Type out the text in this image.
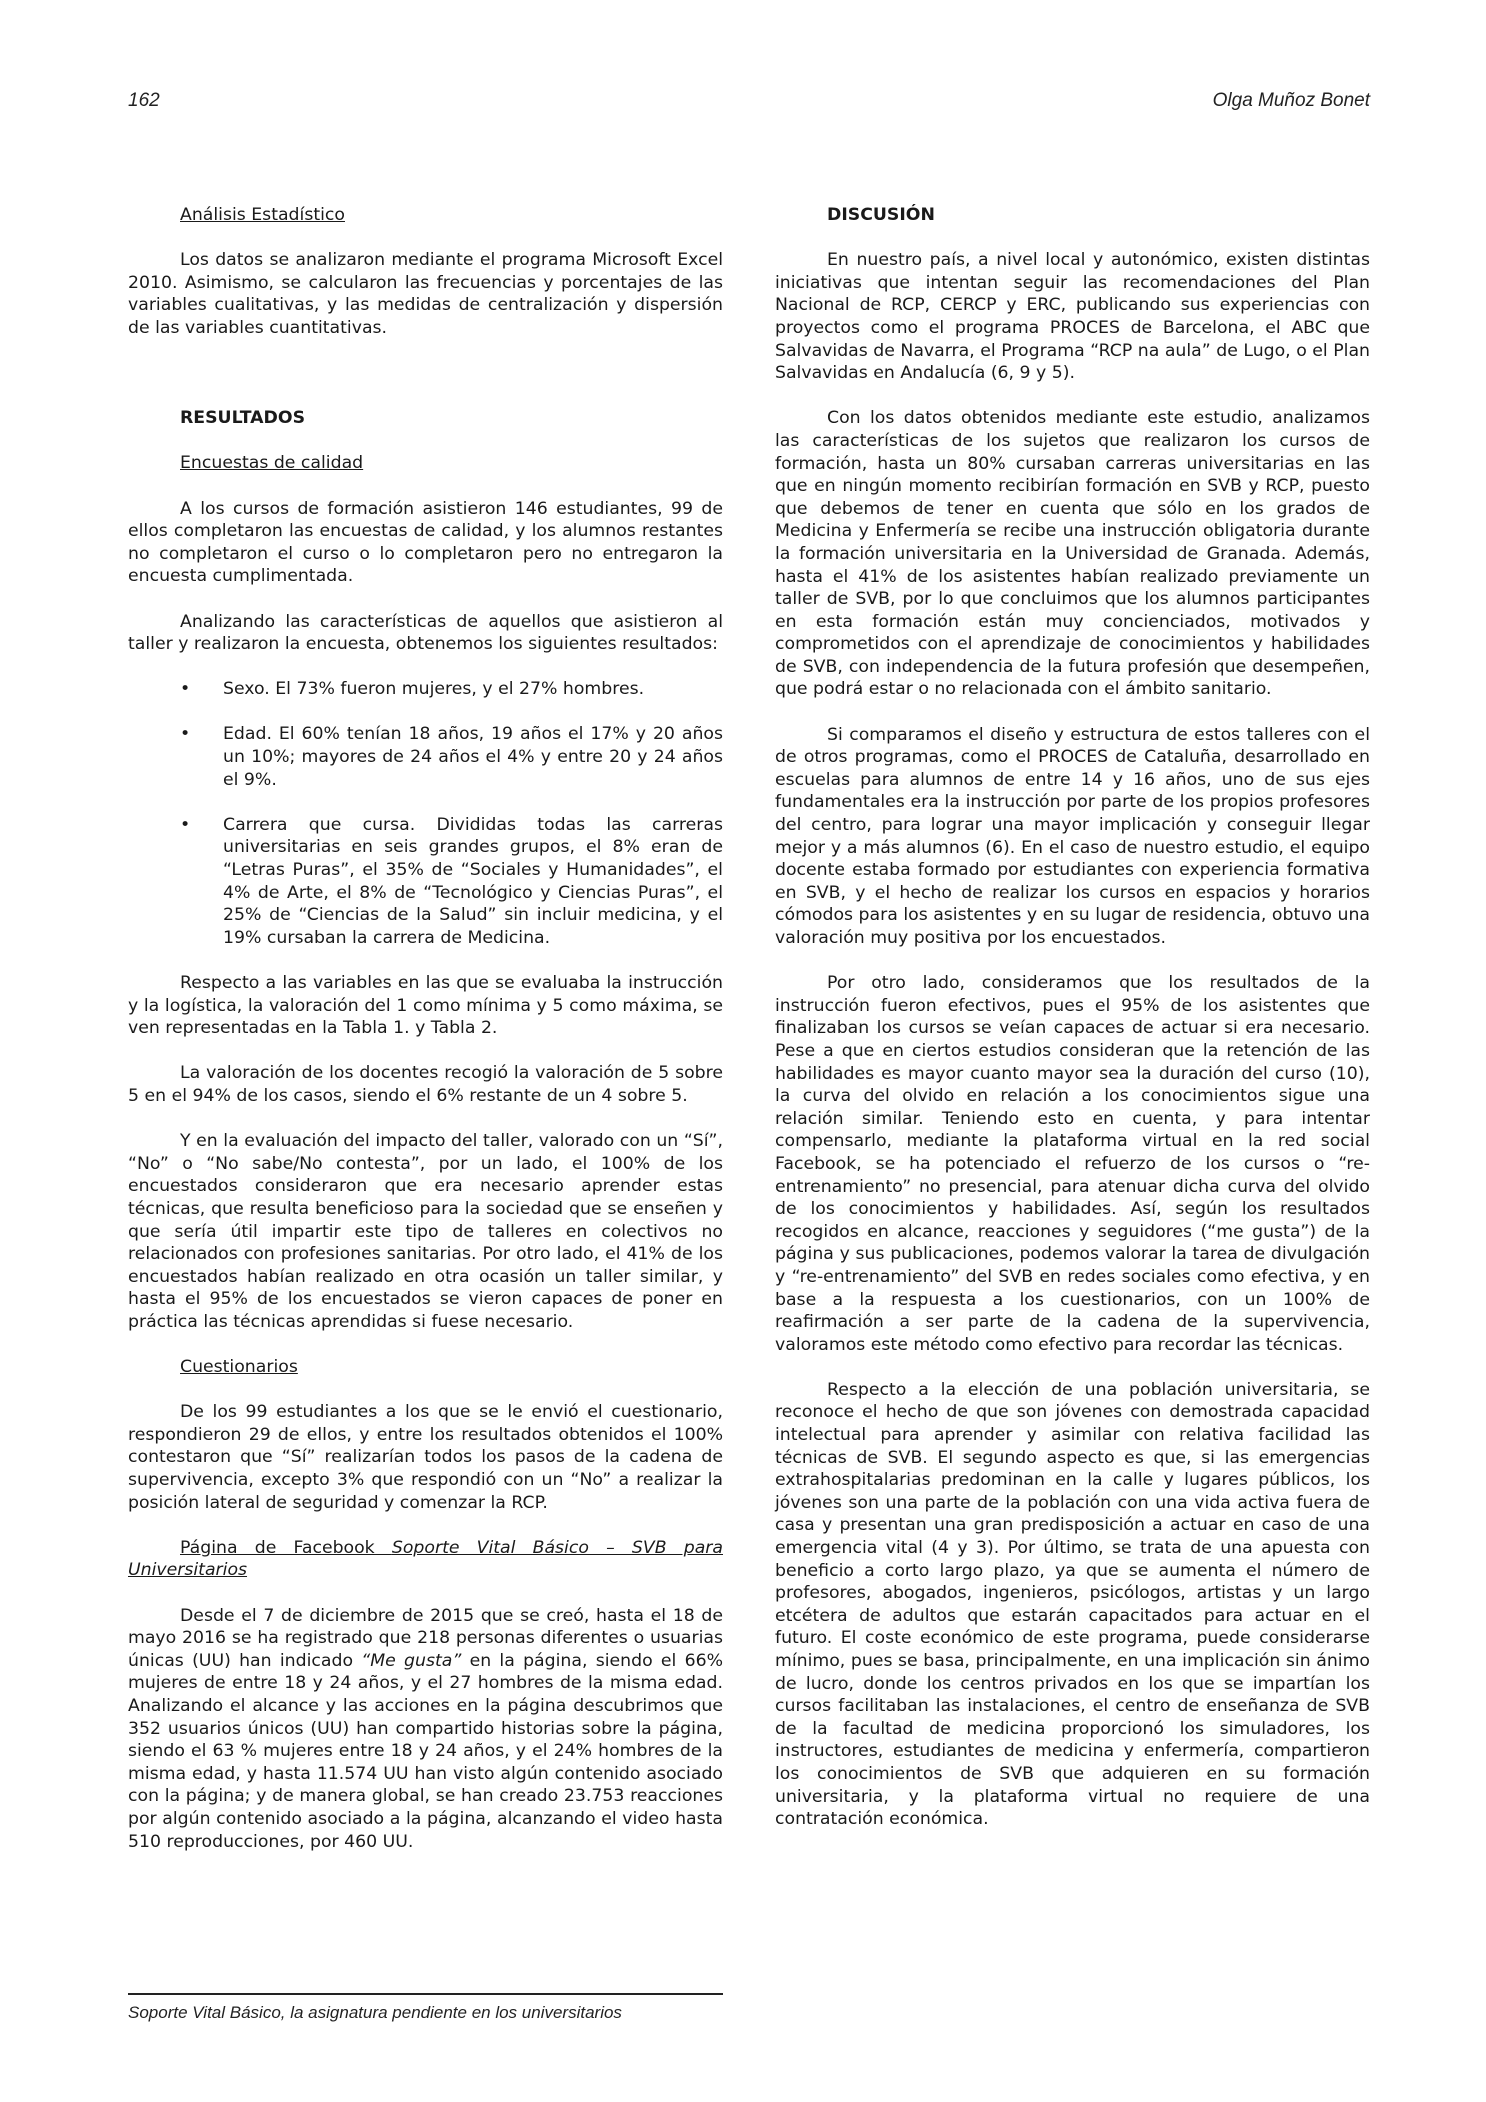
162	Olga Muñoz Bonet

Análisis Estadístico

Los datos se analizaron mediante el programa Microsoft Excel 2010. Asimismo, se calcularon las frecuencias y porcentajes de las variables cualitativas, y las medidas de centralización y dispersión de las variables cuantitativas.

RESULTADOS

Encuestas de calidad

A los cursos de formación asistieron 146 estudiantes, 99 de ellos completaron las encuestas de calidad, y los alumnos restantes no completaron el curso o lo completaron pero no entregaron la encuesta cumplimentada.

Analizando las características de aquellos que asistieron al taller y realizaron la encuesta, obtenemos los siguientes resultados:

• Sexo. El 73% fueron mujeres, y el 27% hombres.
• Edad. El 60% tenían 18 años, 19 años el 17% y 20 años un 10%; mayores de 24 años el 4% y entre 20 y 24 años el 9%.
• Carrera que cursa. Divididas todas las carreras universitarias en seis grandes grupos, el 8% eran de “Letras Puras”, el 35% de “Sociales y Humanidades”, el 4% de Arte, el 8% de “Tecnológico y Ciencias Puras”, el 25% de “Ciencias de la Salud” sin incluir medicina, y el 19% cursaban la carrera de Medicina.

Respecto a las variables en las que se evaluaba la instrucción y la logística, la valoración del 1 como mínima y 5 como máxima, se ven representadas en la Tabla 1. y Tabla 2.

La valoración de los docentes recogió la valoración de 5 sobre 5 en el 94% de los casos, siendo el 6% restante de un 4 sobre 5.

Y en la evaluación del impacto del taller, valorado con un “Sí”, “No” o “No sabe/No contesta”, por un lado, el 100% de los encuestados consideraron que era necesario aprender estas técnicas, que resulta beneficioso para la sociedad que se enseñen y que sería útil impartir este tipo de talleres en colectivos no relacionados con profesiones sanitarias. Por otro lado, el 41% de los encuestados habían realizado en otra ocasión un taller similar, y hasta el 95% de los encuestados se vieron capaces de poner en práctica las técnicas aprendidas si fuese necesario.

Cuestionarios

De los 99 estudiantes a los que se le envió el cuestionario, respondieron 29 de ellos, y entre los resultados obtenidos el 100% contestaron que “Sí” realizarían todos los pasos de la cadena de supervivencia, excepto 3% que respondió con un “No” a realizar la posición lateral de seguridad y comenzar la RCP.

Página de Facebook Soporte Vital Básico – SVB para Universitarios

Desde el 7 de diciembre de 2015 que se creó, hasta el 18 de mayo 2016 se ha registrado que 218 personas diferentes o usuarias únicas (UU) han indicado “Me gusta” en la página, siendo el 66% mujeres de entre 18 y 24 años, y el 27 hombres de la misma edad. Analizando el alcance y las acciones en la página descubrimos que 352 usuarios únicos (UU) han compartido historias sobre la página, siendo el 63 % mujeres entre 18 y 24 años, y el 24% hombres de la misma edad, y hasta 11.574 UU han visto algún contenido asociado con la página; y de manera global, se han creado 23.753 reacciones por algún contenido asociado a la página, alcanzando el video hasta 510 reproducciones, por 460 UU.

DISCUSIÓN

En nuestro país, a nivel local y autonómico, existen distintas iniciativas que intentan seguir las recomendaciones del Plan Nacional de RCP, CERCP y ERC, publicando sus experiencias con proyectos como el programa PROCES de Barcelona, el ABC que Salvavidas de Navarra, el Programa “RCP na aula” de Lugo, o el Plan Salvavidas en Andalucía (6, 9 y 5).

Con los datos obtenidos mediante este estudio, analizamos las características de los sujetos que realizaron los cursos de formación, hasta un 80% cursaban carreras universitarias en las que en ningún momento recibirían formación en SVB y RCP, puesto que debemos de tener en cuenta que sólo en los grados de Medicina y Enfermería se recibe una instrucción obligatoria durante la formación universitaria en la Universidad de Granada. Además, hasta el 41% de los asistentes habían realizado previamente un taller de SVB, por lo que concluimos que los alumnos participantes en esta formación están muy concienciados, motivados y comprometidos con el aprendizaje de conocimientos y habilidades de SVB, con independencia de la futura profesión que desempeñen, que podrá estar o no relacionada con el ámbito sanitario.

Si comparamos el diseño y estructura de estos talleres con el de otros programas, como el PROCES de Cataluña, desarrollado en escuelas para alumnos de entre 14 y 16 años, uno de sus ejes fundamentales era la instrucción por parte de los propios profesores del centro, para lograr una mayor implicación y conseguir llegar mejor y a más alumnos (6). En el caso de nuestro estudio, el equipo docente estaba formado por estudiantes con experiencia formativa en SVB, y el hecho de realizar los cursos en espacios y horarios cómodos para los asistentes y en su lugar de residencia, obtuvo una valoración muy positiva por los encuestados.

Por otro lado, consideramos que los resultados de la instrucción fueron efectivos, pues el 95% de los asistentes que finalizaban los cursos se veían capaces de actuar si era necesario. Pese a que en ciertos estudios consideran que la retención de las habilidades es mayor cuanto mayor sea la duración del curso (10), la curva del olvido en relación a los conocimientos sigue una relación similar. Teniendo esto en cuenta, y para intentar compensarlo, mediante la plataforma virtual en la red social Facebook, se ha potenciado el refuerzo de los cursos o “re-entrenamiento” no presencial, para atenuar dicha curva del olvido de los conocimientos y habilidades. Así, según los resultados recogidos en alcance, reacciones y seguidores (“me gusta”) de la página y sus publicaciones, podemos valorar la tarea de divulgación y “re-entrenamiento” del SVB en redes sociales como efectiva, y en base a la respuesta a los cuestionarios, con un 100% de reafirmación a ser parte de la cadena de la supervivencia, valoramos este método como efectivo para recordar las técnicas.

Respecto a la elección de una población universitaria, se reconoce el hecho de que son jóvenes con demostrada capacidad intelectual para aprender y asimilar con relativa facilidad las técnicas de SVB. El segundo aspecto es que, si las emergencias extrahospitalarias predominan en la calle y lugares públicos, los jóvenes son una parte de la población con una vida activa fuera de casa y presentan una gran predisposición a actuar en caso de una emergencia vital (4 y 3). Por último, se trata de una apuesta con beneficio a corto largo plazo, ya que se aumenta el número de profesores, abogados, ingenieros, psicólogos, artistas y un largo etcétera de adultos que estarán capacitados para actuar en el futuro. El coste económico de este programa, puede considerarse mínimo, pues se basa, principalmente, en una implicación sin ánimo de lucro, donde los centros privados en los que se impartían los cursos facilitaban las instalaciones, el centro de enseñanza de SVB de la facultad de medicina proporcionó los simuladores, los instructores, estudiantes de medicina y enfermería, compartieron los conocimientos de SVB que adquieren en su formación universitaria, y la plataforma virtual no requiere de una contratación económica.

Soporte Vital Básico, la asignatura pendiente en los universitarios
